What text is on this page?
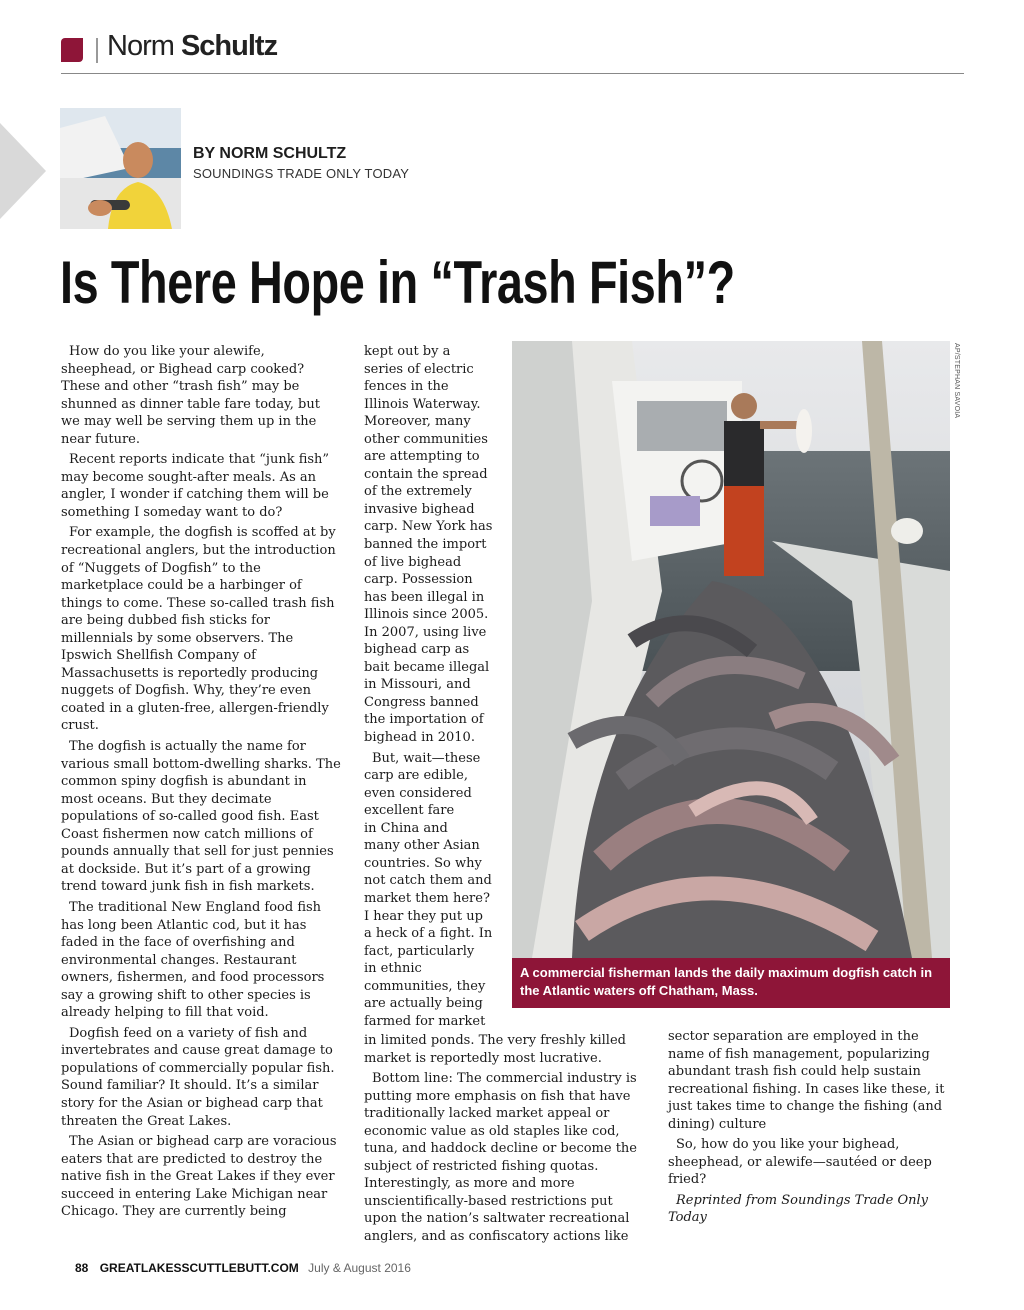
Norm Schultz
BY NORM SCHULTZ
SOUNDINGS TRADE ONLY TODAY
Is There Hope in “Trash Fish”?

How do you like your alewife, sheephead, or Bighead carp cooked? These and other “trash fish” may be shunned as dinner table fare today, but we may well be serving them up in the near future.

Recent reports indicate that “junk fish” may become sought-after meals. As an angler, I wonder if catching them will be something I someday want to do?

For example, the dogfish is scoffed at by recreational anglers, but the introduction of “Nuggets of Dogfish” to the marketplace could be a harbinger of things to come. These so-called trash fish are being dubbed fish sticks for millennials by some observers. The Ipswich Shellfish Company of Massachusetts is reportedly producing nuggets of Dogfish. Why, they’re even coated in a gluten-free, allergen-friendly crust.

The dogfish is actually the name for various small bottom-dwelling sharks. The common spiny dogfish is abundant in most oceans. But they decimate populations of so-called good fish. East Coast fishermen now catch millions of pounds annually that sell for just pennies at dockside. But it’s part of a growing trend toward junk fish in fish markets.

The traditional New England food fish has long been Atlantic cod, but it has faded in the face of overfishing and environmental changes. Restaurant owners, fishermen, and food processors say a growing shift to other species is already helping to fill that void.

Dogfish feed on a variety of fish and invertebrates and cause great damage to populations of commercially popular fish. Sound familiar? It should. It’s a similar story for the Asian or bighead carp that threaten the Great Lakes.

The Asian or bighead carp are voracious eaters that are predicted to destroy the native fish in the Great Lakes if they ever succeed in entering Lake Michigan near Chicago. They are currently being

kept out by a
series of electric
fences in the
Illinois Waterway.
Moreover, many
other communities
are attempting to
contain the spread
of the extremely
invasive bighead
carp. New York has
banned the import
of live bighead
carp. Possession
has been illegal in
Illinois since 2005.
In 2007, using live
bighead carp as
bait became illegal
in Missouri, and
Congress banned
the importation of
bighead in 2010.
But, wait—these
carp are edible,
even considered
excellent fare
in China and
many other Asian
countries. So why
not catch them and
market them here?
I hear they put up
a heck of a fight. In
fact, particularly
in ethnic
communities, they
are actually being
farmed for market

in limited ponds. The very freshly killed market is reportedly most lucrative.

Bottom line: The commercial industry is putting more emphasis on fish that have traditionally lacked market appeal or economic value as old staples like cod, tuna, and haddock decline or become the subject of restricted fishing quotas. Interestingly, as more and more unscientifically-based restrictions put upon the nation’s saltwater recreational anglers, and as confiscatory actions like

sector separation are employed in the name of fish management, popularizing abundant trash fish could help sustain recreational fishing. In cases like these, it just takes time to change the fishing (and dining) culture

So, how do you like your bighead, sheephead, or alewife—sautéed or deep fried?

Reprinted from Soundings Trade Only Today

A commercial fisherman lands the daily maximum dogfish catch in the Atlantic waters off Chatham, Mass.
AP/STEPHAN SAVOIA
88 GREATLAKESSCUTTLEBUTT.COM July & August 2016
